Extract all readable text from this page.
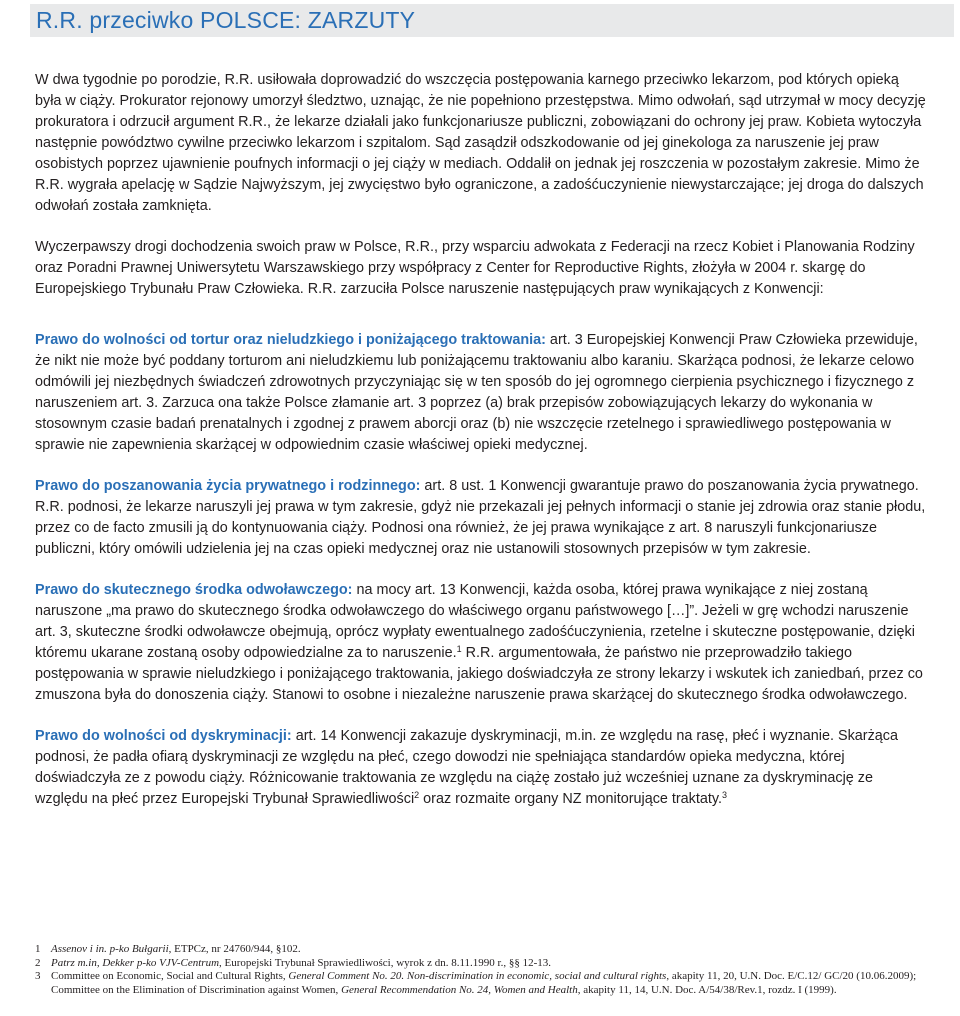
R.R. przeciwko POLSCE: ZARZUTY

W dwa tygodnie po porodzie, R.R. usiłowała doprowadzić do wszczęcia postępowania karnego przeciwko lekarzom, pod których opieką była w ciąży. Prokurator rejonowy umorzył śledztwo, uznając, że nie popełniono przestępstwa. Mimo odwołań, sąd utrzymał w mocy decyzję prokuratora i odrzucił argument R.R., że lekarze działali jako funkcjonariusze publiczni, zobowiązani do ochrony jej praw. Kobieta wytoczyła następnie powództwo cywilne przeciwko lekarzom i szpitalom. Sąd zasądził odszkodowanie od jej ginekologa za naruszenie jej praw osobistych poprzez ujawnienie poufnych informacji o jej ciąży w mediach. Oddalił on jednak jej roszczenia w pozostałym zakresie. Mimo że R.R. wygrała apelację w Sądzie Najwyższym, jej zwycięstwo było ograniczone, a zadośćuczynienie niewystarczające; jej droga do dalszych odwołań została zamknięta.

Wyczerpawszy drogi dochodzenia swoich praw w Polsce, R.R., przy wsparciu adwokata z Federacji na rzecz Kobiet i Planowania Rodziny oraz Poradni Prawnej Uniwersytetu Warszawskiego przy współpracy z Center for Reproductive Rights, złożyła w 2004 r. skargę do Europejskiego Trybunału Praw Człowieka. R.R. zarzuciła Polsce naruszenie następujących praw wynikających z Konwencji:

Prawo do wolności od tortur oraz nieludzkiego i poniżającego traktowania: art. 3 Europejskiej Konwencji Praw Człowieka przewiduje, że nikt nie może być poddany torturom ani nieludzkiemu lub poniżającemu traktowaniu albo karaniu. Skarżąca podnosi, że lekarze celowo odmówili jej niezbędnych świadczeń zdrowotnych przyczyniając się w ten sposób do jej ogromnego cierpienia psychicznego i fizycznego z naruszeniem art. 3. Zarzuca ona także Polsce złamanie art. 3 poprzez (a) brak przepisów zobowiązujących lekarzy do wykonania w stosownym czasie badań prenatalnych i zgodnej z prawem aborcji oraz (b) nie wszczęcie rzetelnego i sprawiedliwego postępowania w sprawie nie zapewnienia skarżącej w odpowiednim czasie właściwej opieki medycznej.

Prawo do poszanowania życia prywatnego i rodzinnego: art. 8 ust. 1 Konwencji gwarantuje prawo do poszanowania życia prywatnego. R.R. podnosi, że lekarze naruszyli jej prawa w tym zakresie, gdyż nie przekazali jej pełnych informacji o stanie jej zdrowia oraz stanie płodu, przez co de facto zmusili ją do kontynuowania ciąży. Podnosi ona również, że jej prawa wynikające z art. 8 naruszyli funkcjonariusze publiczni, który omówili udzielenia jej na czas opieki medycznej oraz nie ustanowili stosownych przepisów w tym zakresie.

Prawo do skutecznego środka odwoławczego: na mocy art. 13 Konwencji, każda osoba, której prawa wynikające z niej zostaną naruszone „ma prawo do skutecznego środka odwoławczego do właściwego organu państwowego […]”. Jeżeli w grę wchodzi naruszenie art. 3, skuteczne środki odwoławcze obejmują, oprócz wypłaty ewentualnego zadośćuczynienia, rzetelne i skuteczne postępowanie, dzięki któremu ukarane zostaną osoby odpowiedzialne za to naruszenie.$^1$ R.R. argumentowała, że państwo nie przeprowadziło takiego postępowania w sprawie nieludzkiego i poniżającego traktowania, jakiego doświadczyła ze strony lekarzy i wskutek ich zaniedbań, przez co zmuszona była do donoszenia ciąży. Stanowi to osobne i niezależne naruszenie prawa skarżącej do skutecznego środka odwoławczego.

Prawo do wolności od dyskryminacji: art. 14 Konwencji zakazuje dyskryminacji, m.in. ze względu na rasę, płeć i wyznanie. Skarżąca podnosi, że padła ofiarą dyskryminacji ze względu na płeć, czego dowodzi nie spełniająca standardów opieka medyczna, której doświadczyła ze z powodu ciąży. Różnicowanie traktowania ze względu na ciążę zostało już wcześniej uznane za dyskryminację ze względu na płeć przez Europejski Trybunał Sprawiedliwości$^2$ oraz rozmaite organy NZ monitorujące traktaty.$^3$

1 Assenov i in. p-ko Bułgarii, ETPCz, nr 24760/944, §102.
2 Patrz m.in, Dekker p-ko VJV-Centrum, Europejski Trybunał Sprawiedliwości, wyrok z dn. 8.11.1990 r., §§ 12-13.
3 Committee on Economic, Social and Cultural Rights, General Comment No. 20. Non-discrimination in economic, social and cultural rights, akapity 11, 20, U.N. Doc. E/C.12/ GC/20 (10.06.2009); Committee on the Elimination of Discrimination against Women, General Recommendation No. 24, Women and Health, akapity 11, 14, U.N. Doc. A/54/38/Rev.1, rozdz. I (1999).
